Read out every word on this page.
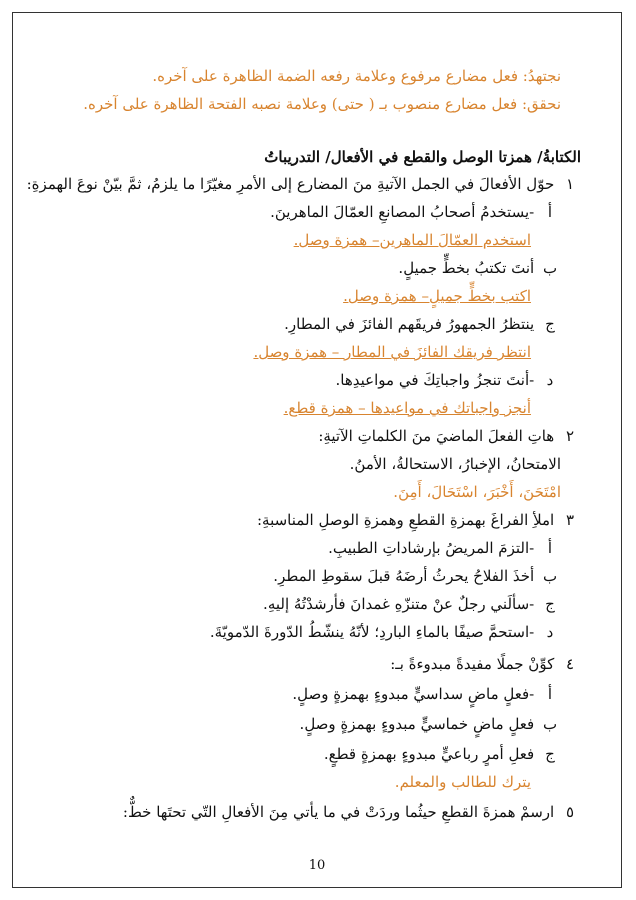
نجتهدُ: فعل مضارع مرفوع وعلامة رفعه الضمة الظاهرة على آخره.
نحقق: فعل مضارع منصوب بـ ( حتى) وعلامة نصبه الفتحة الظاهرة على آخره.
الكتابةُ/ همزتا الوصل والقطع في الأفعال/ التدريباتُ
١ حوّل الأفعالَ في الجمل الآتيةِ منَ المضارع إلى الأمرِ مغيّرًا ما يلزمُ، ثمَّ بيّنْ نوعَ الهمزةِ:
أ -يستخدمُ أصحابُ المصانعِ العمّالَ الماهرينَ.
استخدم العمّالَ الماهرين– همزة وصل.
ب أنتَ تكتبُ بخطٍّ جميلٍ.
اكتب بخطٍّ جميلٍ– همزة وصل.
ج ينتظرُ الجمهورُ فريقَهم الفائزَ في المطارِ.
انتظر فريقك الفائزَ في المطار – همزة وصل.
د -أنتَ تنجزُ واجباتِكَ في مواعيدِها.
أنجز واجباتك في مواعيدها – همزة قطع.
٢ هاتِ الفعلَ الماضيَ منَ الكلماتِ الآتيةِ:
الامتحانُ، الإخبارُ، الاستحالةُ، الأمنُ.
امْتَحَنَ، أَخْبَرَ، اسْتَحَالَ، أَمِنَ.
٣ املأِ الفراغَ بهمزةِ القطعِ وهمزةِ الوصلِ المناسبةِ:
أ -التزمَ المريضُ بإرشاداتِ الطبيبِ.
ب أخذَ الفلاحُ يحرثُ أرضَهُ قبلَ سقوطِ المطرِ.
ج -سألَني رجلٌ عنْ متنزّهِ غمدانَ فأرشدْتُهُ إليهِ.
د -استحمَّ صيفًا بالماءِ الباردِ؛ لأنّهُ ينشّطُ الدّورةَ الدّمويّةَ.
٤ كوِّنْ جملًا مفيدةً مبدوءةً بـ:
أ -فعلٍ ماضٍ سداسيٍّ مبدوءٍ بهمزةٍ وصلٍ.
ب فعلٍ ماضٍ خماسيٍّ مبدوءٍ بهمزةٍ وصلٍ.
ج فعلِ أمرٍ رباعيٍّ مبدوءٍ بهمزةٍ قطعٍ.
يترك للطالب والمعلم.
٥ ارسمْ همزةَ القطعِ حيثُما وردَتْ في ما يأتي مِنَ الأفعالِ التّي تحتَها خطٌّ:
10
